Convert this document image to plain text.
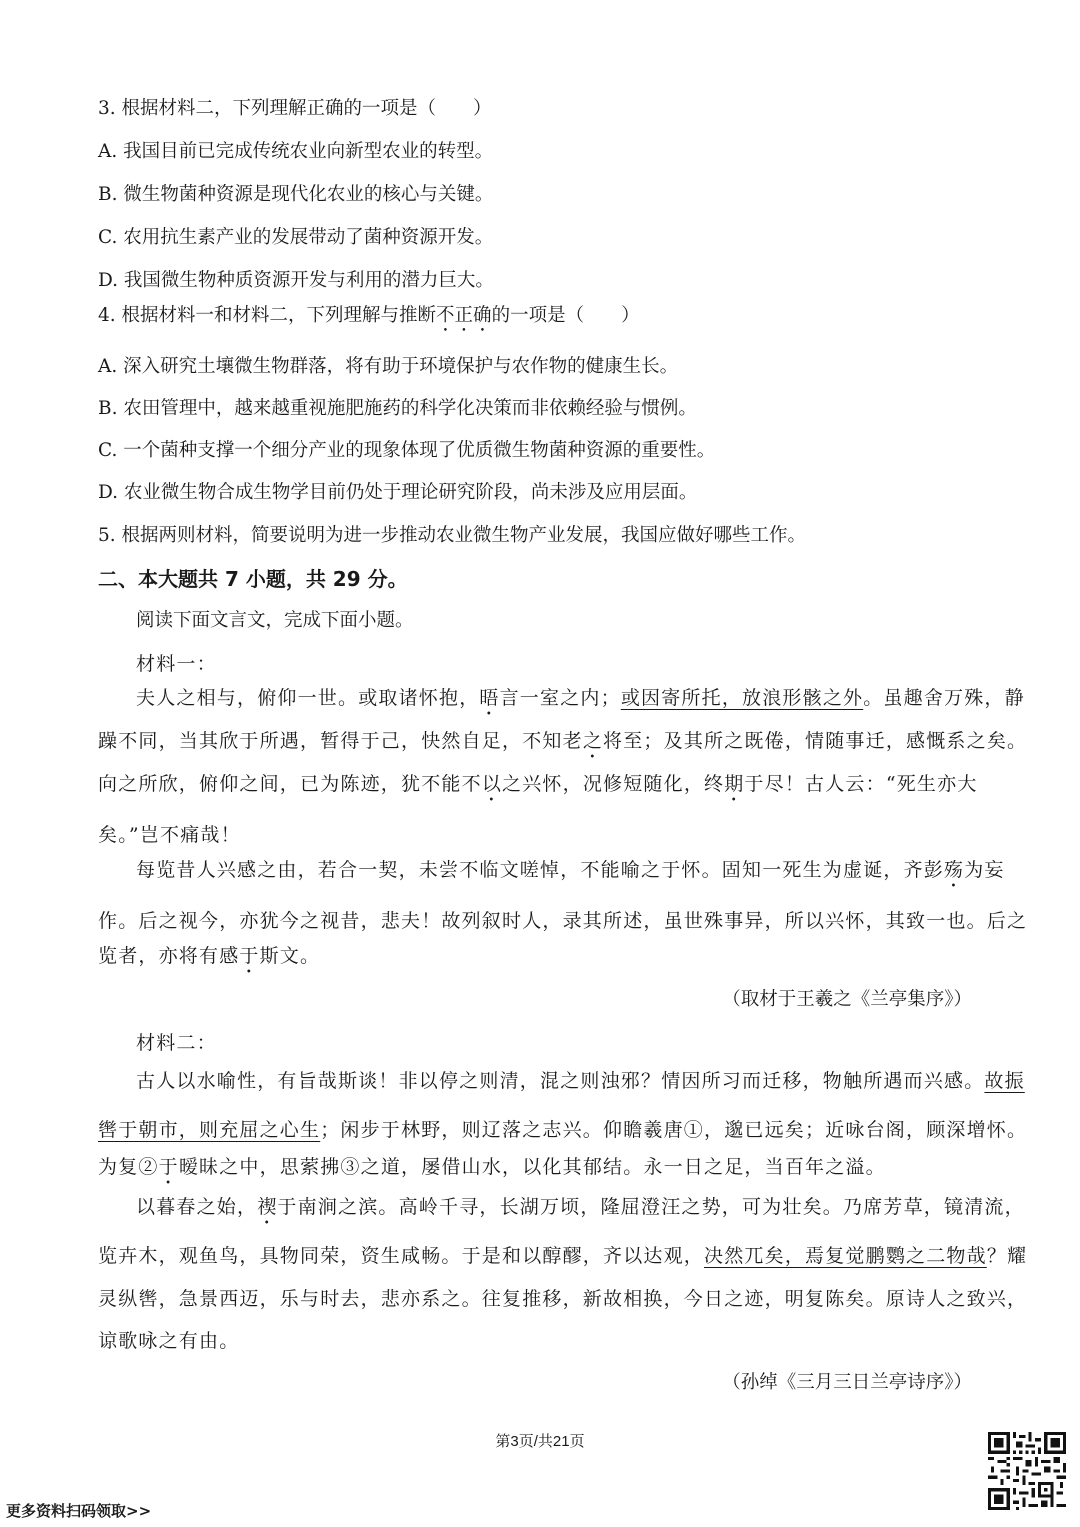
3. 根据材料二，下列理解正确的一项是（　　）
A. 我国目前已完成传统农业向新型农业的转型。
B. 微生物菌种资源是现代化农业的核心与关键。
C. 农用抗生素产业的发展带动了菌种资源开发。
D. 我国微生物种质资源开发与利用的潜力巨大。
4. 根据材料一和材料二，下列理解与推断不正确的一项是（　　）
A. 深入研究土壤微生物群落，将有助于环境保护与农作物的健康生长。
B. 农田管理中，越来越重视施肥施药的科学化决策而非依赖经验与惯例。
C. 一个菌种支撑一个细分产业的现象体现了优质微生物菌种资源的重要性。
D. 农业微生物合成生物学目前仍处于理论研究阶段，尚未涉及应用层面。
5. 根据两则材料，简要说明为进一步推动农业微生物产业发展，我国应做好哪些工作。
二、本大题共 7 小题，共 29 分。
阅读下面文言文，完成下面小题。
材料一：
夫人之相与，俯仰一世。或取诸怀抱，晤言一室之内；或因寄所托，放浪形骸之外。虽趣舍万殊，静
躁不同，当其欣于所遇，暂得于己，快然自足，不知老之将至；及其所之既倦，情随事迁，感慨系之矣。
向之所欣，俯仰之间，已为陈迹，犹不能不以之兴怀，况修短随化，终期于尽！古人云：“死生亦大
矣。”岂不痛哉！
每览昔人兴感之由，若合一契，未尝不临文嗟悼，不能喻之于怀。固知一死生为虚诞，齐彭殇为妄
作。后之视今，亦犹今之视昔，悲夫！故列叙时人，录其所述，虽世殊事异，所以兴怀，其致一也。后之
览者，亦将有感于斯文。
（取材于王羲之《兰亭集序》）
材料二：
古人以水喻性，有旨哉斯谈！非以停之则清，混之则浊邪？情因所习而迁移，物触所遇而兴感。故振
辔于朝市，则充屈之心生；闲步于林野，则辽落之志兴。仰瞻羲唐①，邈已远矣；近咏台阁，顾深增怀。
为复②于暧昧之中，思萦拂③之道，屡借山水，以化其郁结。永一日之足，当百年之溢。
以暮春之始，禊于南涧之滨。高岭千寻，长湖万顷，隆屈澄汪之势，可为壮矣。乃席芳草，镜清流，
览卉木，观鱼鸟，具物同荣，资生咸畅。于是和以醇醪，齐以达观，决然兀矣，焉复觉鹏鹦之二物哉？耀
灵纵辔，急景西迈，乐与时去，悲亦系之。往复推移，新故相换，今日之迹，明复陈矣。原诗人之致兴，
谅歌咏之有由。
（孙绰《三月三日兰亭诗序》）
第3页/共21页
更多资料扫码领取>>
